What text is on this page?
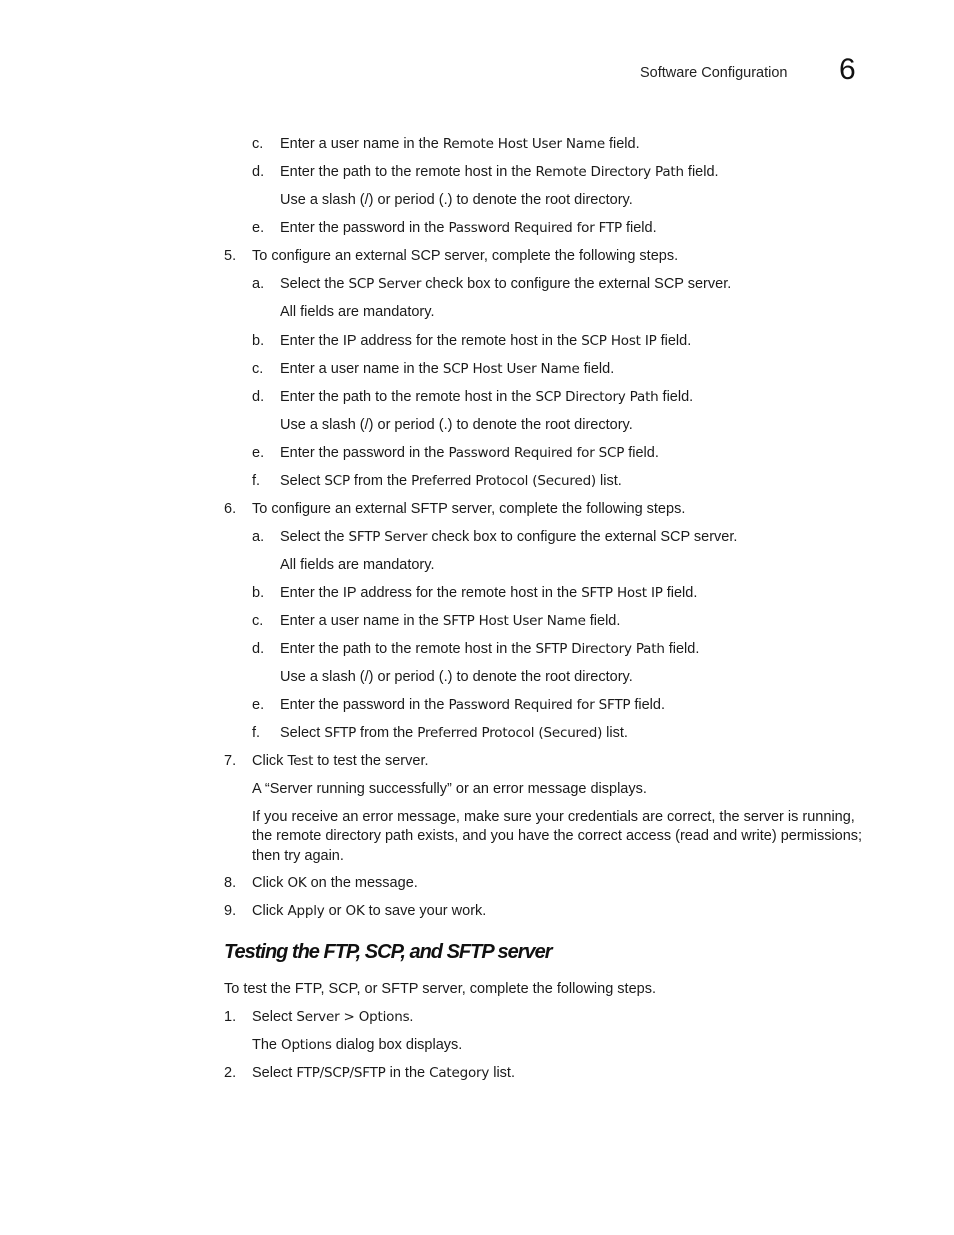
Software Configuration 6
c. Enter a user name in the Remote Host User Name field.
d. Enter the path to the remote host in the Remote Directory Path field.
Use a slash (/) or period (.) to denote the root directory.
e. Enter the password in the Password Required for FTP field.
5. To configure an external SCP server, complete the following steps.
a. Select the SCP Server check box to configure the external SCP server.
All fields are mandatory.
b. Enter the IP address for the remote host in the SCP Host IP field.
c. Enter a user name in the SCP Host User Name field.
d. Enter the path to the remote host in the SCP Directory Path field.
Use a slash (/) or period (.) to denote the root directory.
e. Enter the password in the Password Required for SCP field.
f. Select SCP from the Preferred Protocol (Secured) list.
6. To configure an external SFTP server, complete the following steps.
a. Select the SFTP Server check box to configure the external SCP server.
All fields are mandatory.
b. Enter the IP address for the remote host in the SFTP Host IP field.
c. Enter a user name in the SFTP Host User Name field.
d. Enter the path to the remote host in the SFTP Directory Path field.
Use a slash (/) or period (.) to denote the root directory.
e. Enter the password in the Password Required for SFTP field.
f. Select SFTP from the Preferred Protocol (Secured) list.
7. Click Test to test the server.
A “Server running successfully” or an error message displays.
If you receive an error message, make sure your credentials are correct, the server is running, the remote directory path exists, and you have the correct access (read and write) permissions; then try again.
8. Click OK on the message.
9. Click Apply or OK to save your work.
Testing the FTP, SCP, and SFTP server
To test the FTP, SCP, or SFTP server, complete the following steps.
1. Select Server > Options.
The Options dialog box displays.
2. Select FTP/SCP/SFTP in the Category list.
